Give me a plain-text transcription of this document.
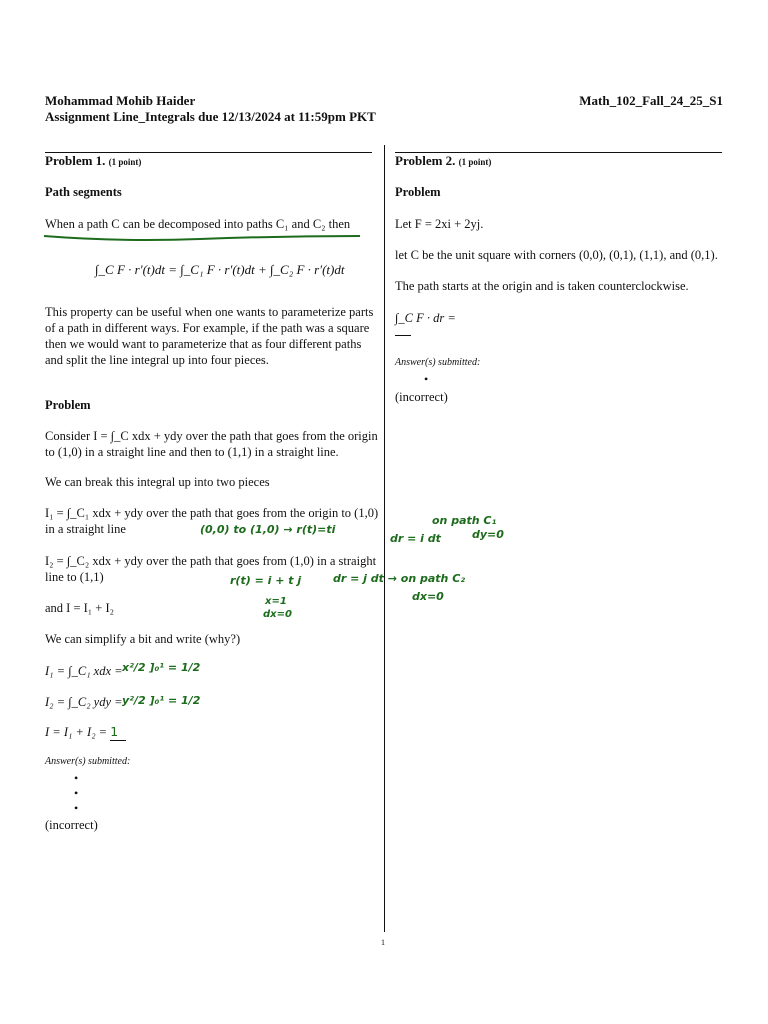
Mohammad Mohib Haider	Math_102_Fall_24_25_S1
Assignment Line_Integrals due 12/13/2024 at 11:59pm PKT
Problem 1. (1 point)
Path segments
When a path C can be decomposed into paths C₁ and C₂ then
∫_C F · r′(t)dt = ∫_C₁ F · r′(t)dt + ∫_C₂ F · r′(t)dt
This property can be useful when one wants to parameterize parts
of a path in different ways. For example, if the path was a square
then we would want to parameterize that as four different paths
and split the line integral up into four pieces.
Problem
Consider I = ∫_C xdx + ydy over the path that goes from the origin
to (1,0) in a straight line and then to (1,1) in a straight line.
We can break this integral up into two pieces
I₁ = ∫_C₁ xdx + ydy over the path that goes from the origin to (1,0)
in a straight line
I₂ = ∫_C₂ xdx + ydy over the path that goes from (1,0) in a straight
line to (1,1)
and I = I₁ + I₂
We can simplify a bit and write (why?)
I₁ = ∫_C₁ xdx =
I₂ = ∫_C₂ ydy =
I = I₁ + I₂ = 1
Answer(s) submitted:
•
•
•
(incorrect)
(0,0) to (1,0) → r(t)=ti
dr = i dt
on path C₁
dy=0
r(t) = i + t j	dr = j dt → on path C₂
x=1
dx=0
dx=0
x²/2 ]₀¹ = 1/2
y²/2 ]₀¹ = 1/2
Problem 2. (1 point)
Problem
Let F = 2xi + 2yj.
let C be the unit square with corners (0,0), (0,1), (1,1), and (0,1).
The path starts at the origin and is taken counterclockwise.
∫_C F · dr =
Answer(s) submitted:
•
(incorrect)
1
